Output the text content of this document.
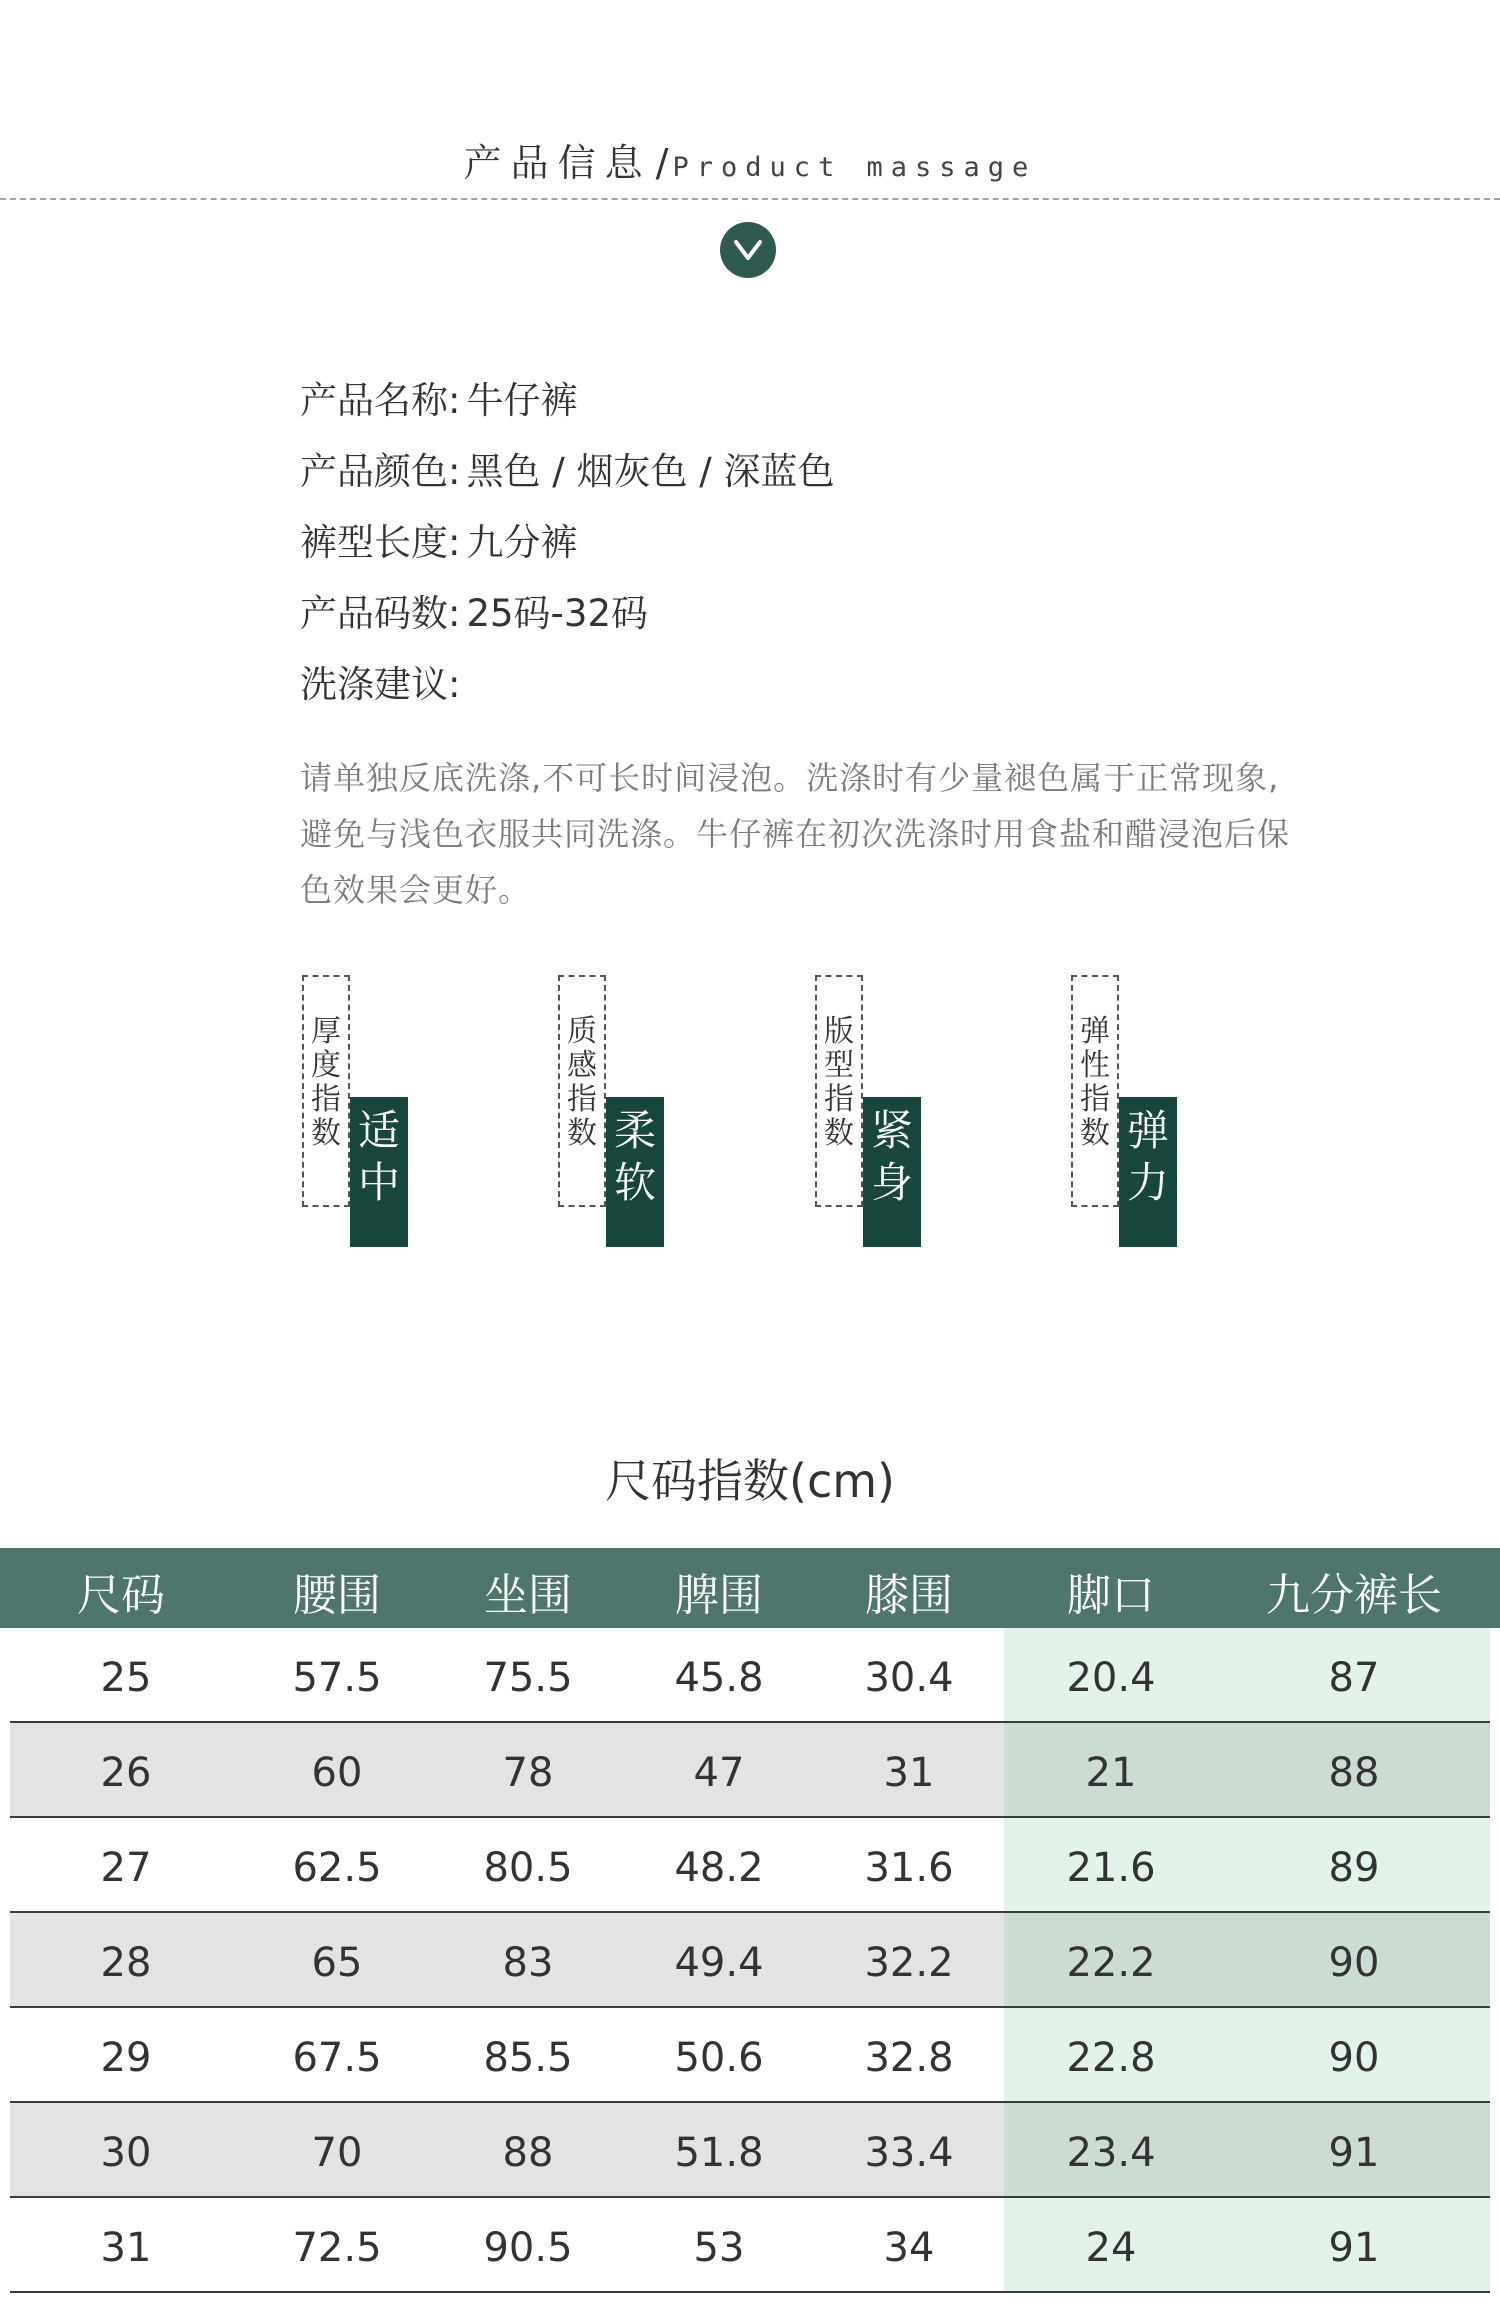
产品信息 / Product massage
产品名称: 牛仔裤
产品颜色: 黑色 / 烟灰色 / 深蓝色
裤型长度: 九分裤
产品码数: 25码-32码
洗涤建议:
请单独反底洗涤,不可长时间浸泡。洗涤时有少量褪色属于正常现象,避免与浅色衣服共同洗涤。牛仔裤在初次洗涤时用食盐和醋浸泡后保色效果会更好。
厚
度
指
数 适
中
质
感
指
数 柔
软
版
型
指
数 紧
身
弹
性
指
数 弹
力
尺码指数(cm)
尺码	腰围	坐围	脾围	膝围	脚口	九分裤长
25	57.5	75.5	45.8	30.4	20.4	87
26	60	78	47	31	21	88
27	62.5	80.5	48.2	31.6	21.6	89
28	65	83	49.4	32.2	22.2	90
29	67.5	85.5	50.6	32.8	22.8	90
30	70	88	51.8	33.4	23.4	91
31	72.5	90.5	53	34	24	91
